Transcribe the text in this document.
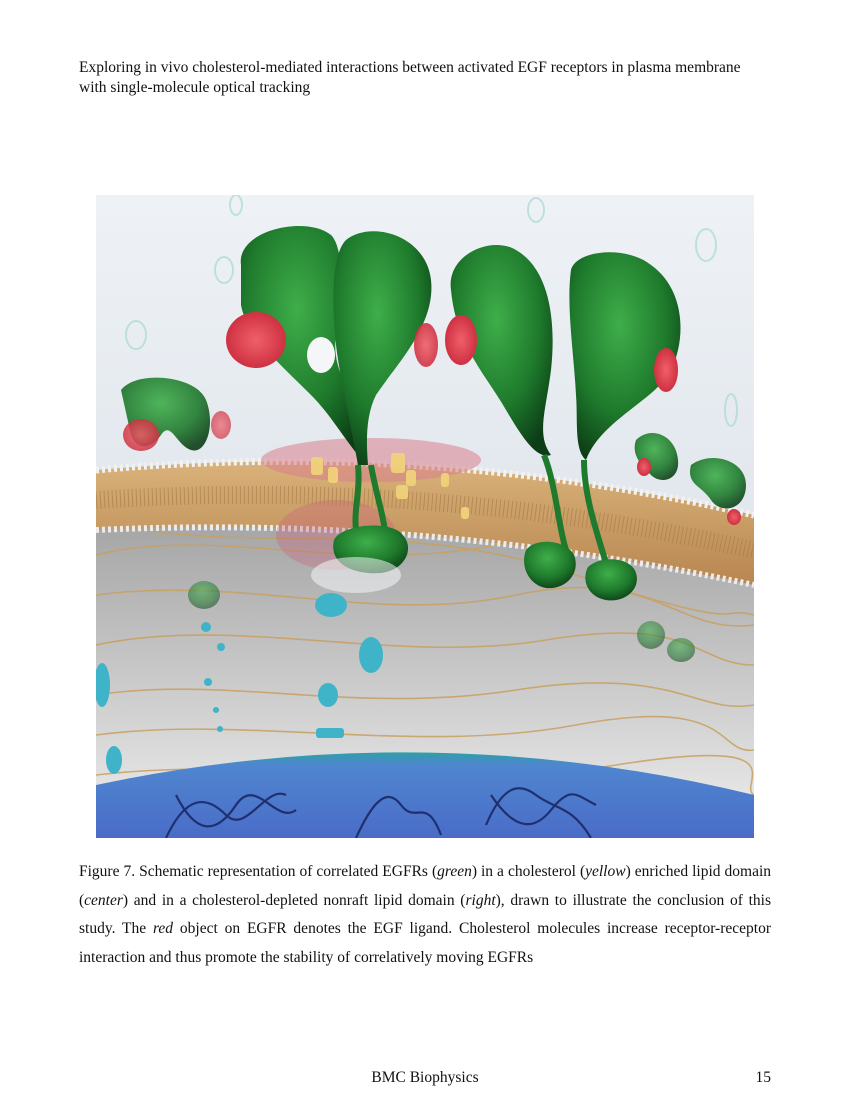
Exploring in vivo cholesterol-mediated interactions between activated EGF receptors in plasma membrane with single-molecule optical tracking
Figure 7. Schematic representation of correlated EGFRs (green) in a cholesterol (yellow) enriched lipid domain (center) and in a cholesterol-depleted nonraft lipid domain (right), drawn to illustrate the conclusion of this study. The red object on EGFR denotes the EGF ligand. Cholesterol molecules increase receptor-receptor interaction and thus promote the stability of correlatively moving EGFRs
BMC Biophysics	15
